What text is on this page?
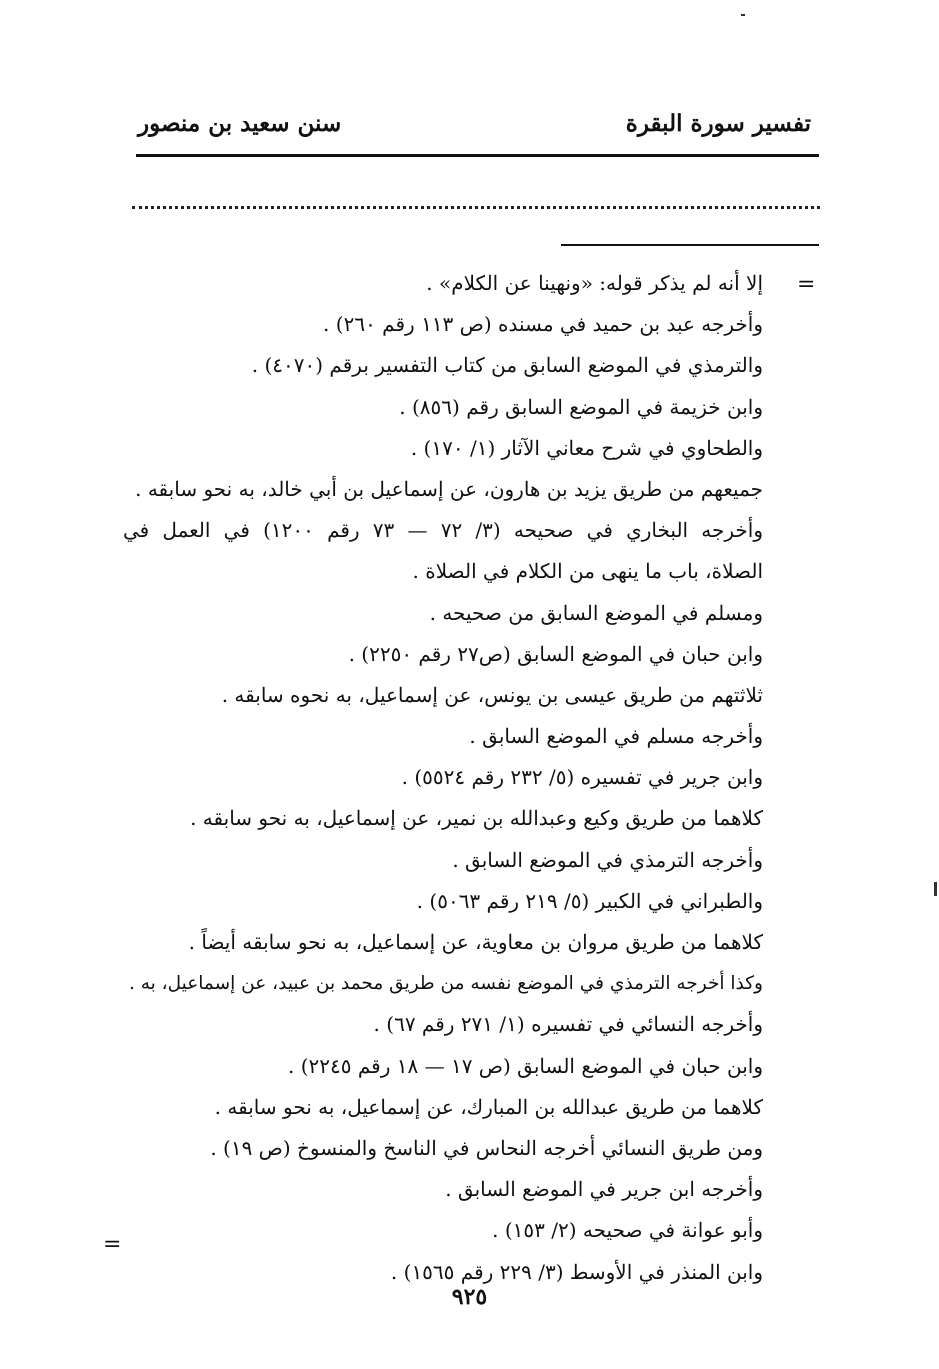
تفسير سورة البقرة
سنن سعيد بن منصور
=
إلا أنه لم يذكر قوله: «ونهينا عن الكلام» .
وأخرجه عبد بن حميد في مسنده (ص ١١٣ رقم ٢٦٠) .
والترمذي في الموضع السابق من كتاب التفسير برقم (٤٠٧٠) .
وابن خزيمة في الموضع السابق رقم (٨٥٦) .
والطحاوي في شرح معاني الآثار (١/ ١٧٠) .
جميعهم من طريق يزيد بن هارون، عن إسماعيل بن أبي خالد، به نحو سابقه .
وأخرجه البخاري في صحيحه (٣/ ٧٢ — ٧٣ رقم ١٢٠٠) في العمل في
الصلاة، باب ما ينهى من الكلام في الصلاة .
ومسلم في الموضع السابق من صحيحه .
وابن حبان في الموضع السابق (ص٢٧ رقم ٢٢٥٠) .
ثلاثتهم من طريق عيسى بن يونس، عن إسماعيل، به نحوه سابقه .
وأخرجه مسلم في الموضع السابق .
وابن جرير في تفسيره (٥/ ٢٣٢ رقم ٥٥٢٤) .
كلاهما من طريق وكيع وعبدالله بن نمير، عن إسماعيل، به نحو سابقه .
وأخرجه الترمذي في الموضع السابق .
والطبراني في الكبير (٥/ ٢١٩ رقم ٥٠٦٣) .
كلاهما من طريق مروان بن معاوية، عن إسماعيل، به نحو سابقه أيضاً .
وكذا أخرجه الترمذي في الموضع نفسه من طريق محمد بن عبيد، عن إسماعيل، به .
وأخرجه النسائي في تفسيره (١/ ٢٧١ رقم ٦٧) .
وابن حبان في الموضع السابق (ص ١٧ — ١٨ رقم ٢٢٤٥) .
كلاهما من طريق عبدالله بن المبارك، عن إسماعيل، به نحو سابقه .
ومن طريق النسائي أخرجه النحاس في الناسخ والمنسوخ (ص ١٩) .
وأخرجه ابن جرير في الموضع السابق .
وأبو عوانة في صحيحه (٢/ ١٥٣) .
وابن المنذر في الأوسط (٣/ ٢٢٩ رقم ١٥٦٥) .
=
٩٢٥
